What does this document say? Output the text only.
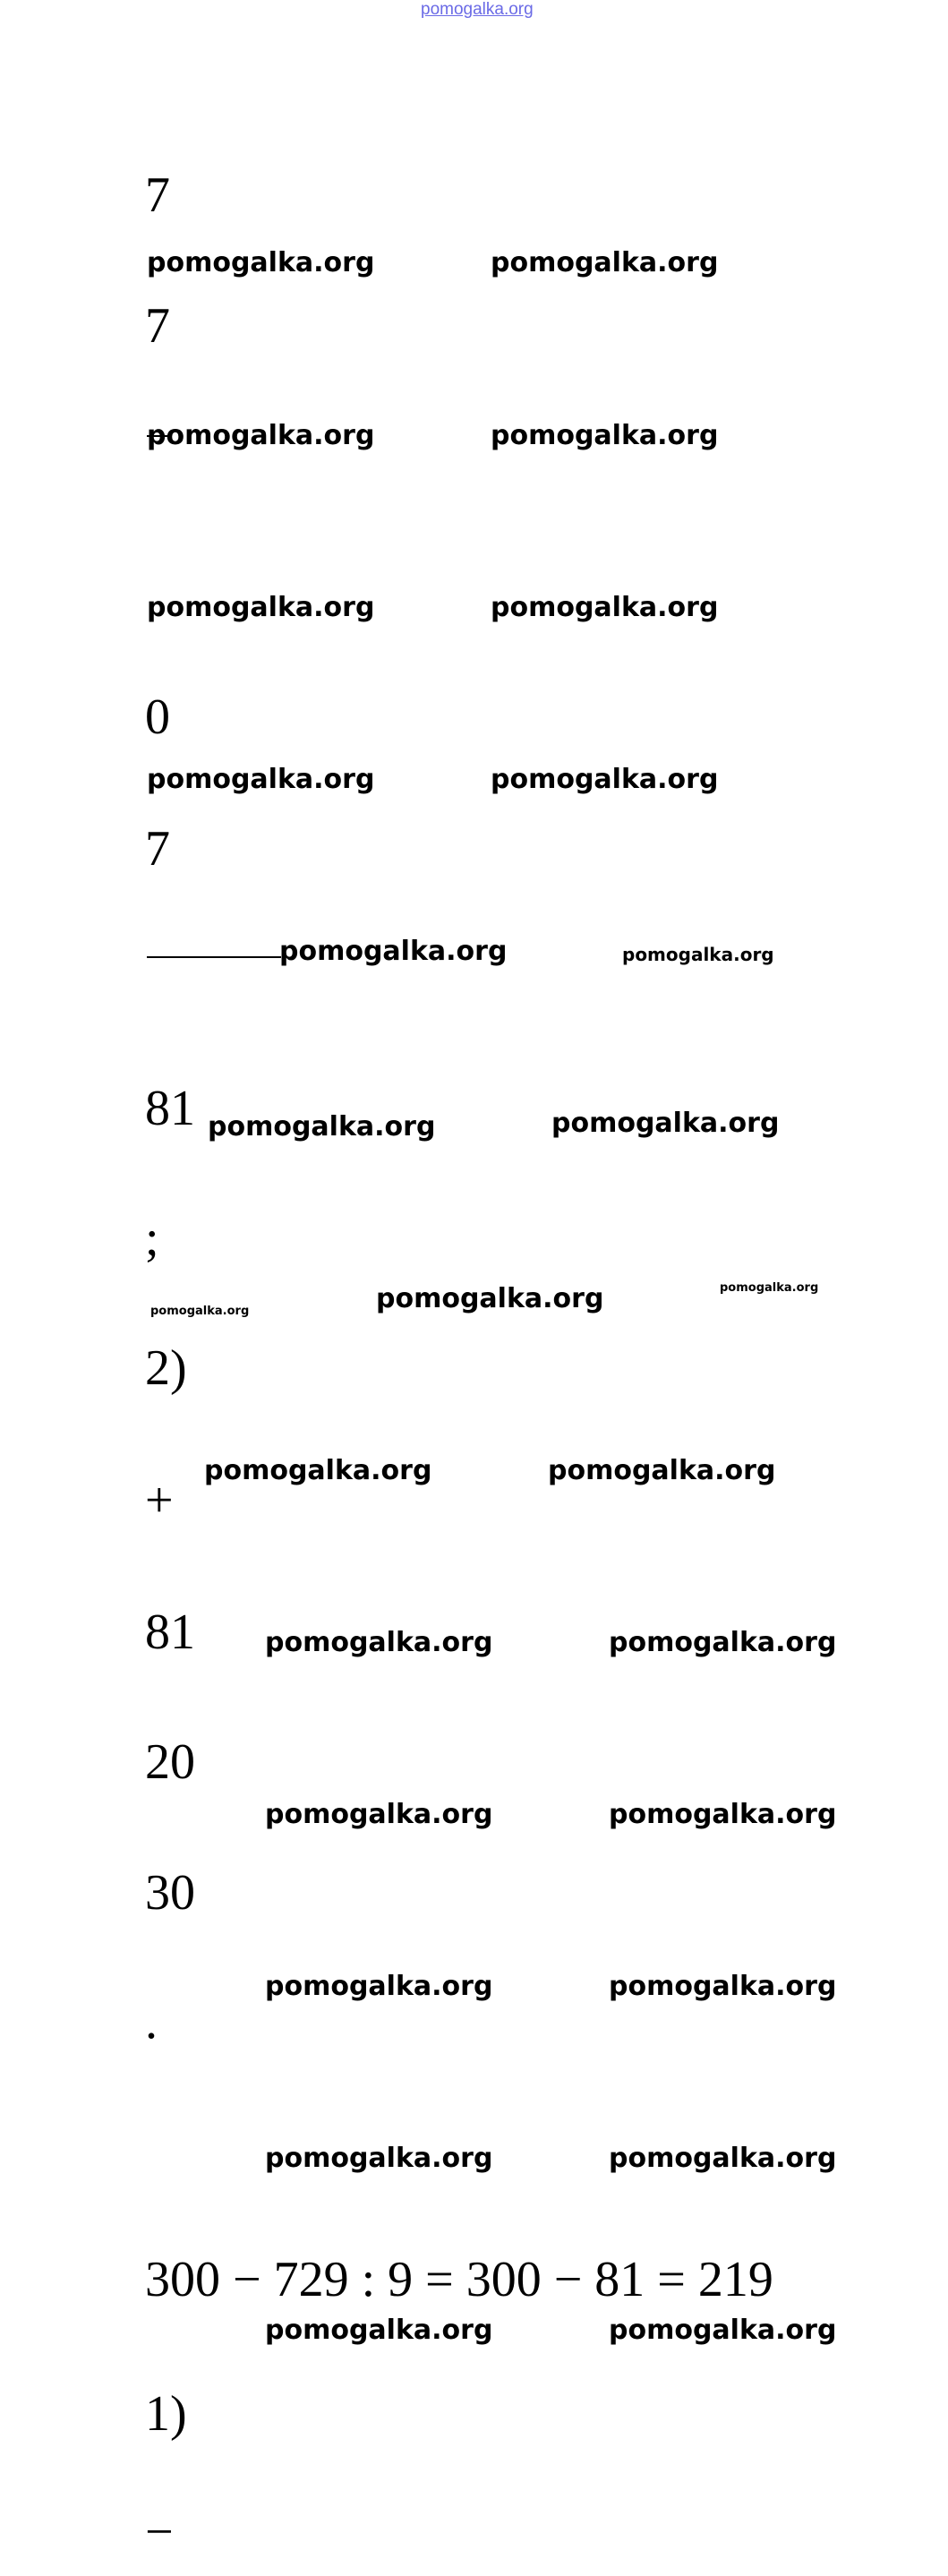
pomogalka.org
7
7
0
7
81
;
2)
+
81
20
30
.
300 − 729 : 9 = 300 − 81 = 219
1)
−
pomogalka.org	pomogalka.org
pomogalka.org	pomogalka.org
pomogalka.org	pomogalka.org
pomogalka.org	pomogalka.org
pomogalka.org	pomogalka.org
pomogalka.org	pomogalka.org
pomogalka.org	pomogalka.org	pomogalka.org
pomogalka.org	pomogalka.org
pomogalka.org	pomogalka.org
pomogalka.org	pomogalka.org
pomogalka.org	pomogalka.org
pomogalka.org	pomogalka.org
pomogalka.org	pomogalka.org
